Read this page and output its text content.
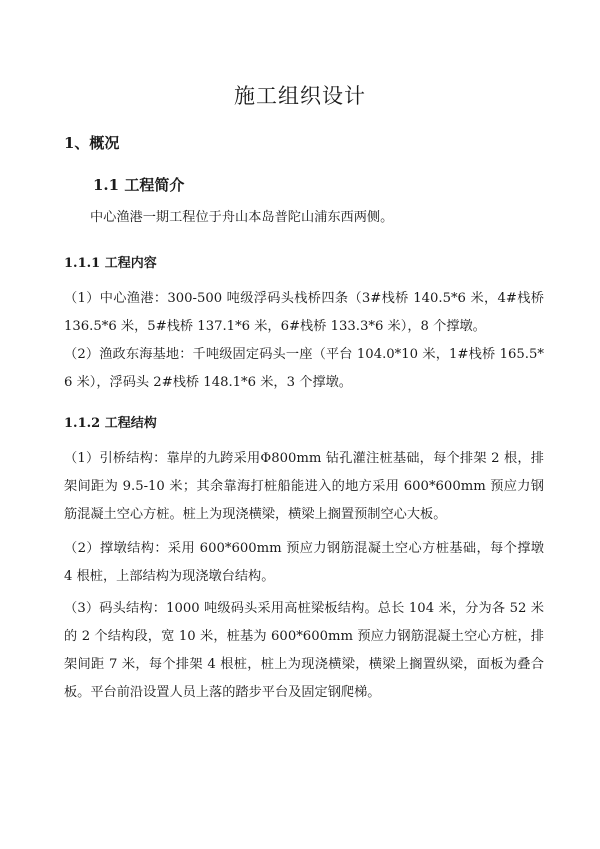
施工组织设计
1、概况
1.1 工程简介
中心渔港一期工程位于舟山本岛普陀山浦东西两侧。
1.1.1 工程内容
（1）中心渔港：300-500 吨级浮码头栈桥四条（3#栈桥 140.5*6 米，4#栈桥 136.5*6 米，5#栈桥 137.1*6 米，6#栈桥 133.3*6 米），8 个撑墩。
（2）渔政东海基地：千吨级固定码头一座（平台 104.0*10 米，1#栈桥 165.5*6 米），浮码头 2#栈桥 148.1*6 米，3 个撑墩。
1.1.2 工程结构
（1）引桥结构：靠岸的九跨采用Φ800mm 钻孔灌注桩基础，每个排架 2 根，排架间距为 9.5-10 米；其余靠海打桩船能进入的地方采用 600*600mm 预应力钢筋混凝土空心方桩。桩上为现浇横梁，横梁上搁置预制空心大板。
（2）撑墩结构：采用 600*600mm 预应力钢筋混凝土空心方桩基础，每个撑墩 4 根桩，上部结构为现浇墩台结构。
（3）码头结构：1000 吨级码头采用高桩梁板结构。总长 104 米，分为各 52 米的 2 个结构段，宽 10 米，桩基为 600*600mm 预应力钢筋混凝土空心方桩，排架间距 7 米，每个排架 4 根桩，桩上为现浇横梁，横梁上搁置纵梁，面板为叠合板。平台前沿设置人员上落的踏步平台及固定钢爬梯。
